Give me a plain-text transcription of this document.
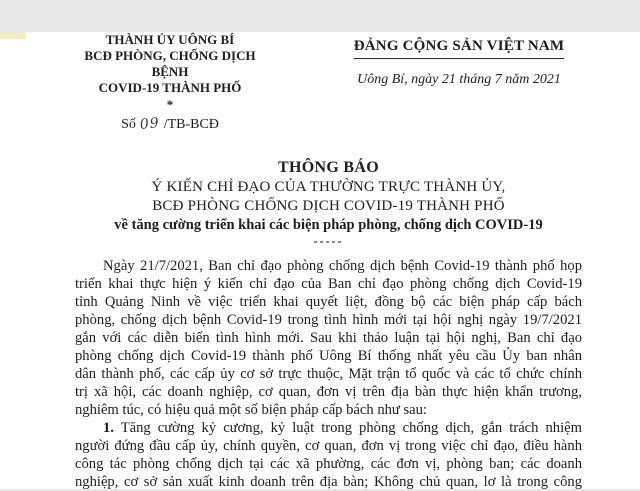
THÀNH ỦY UÔNG BÍ
BCĐ PHÒNG, CHỐNG DỊCH BỆNH
COVID-19 THÀNH PHỐ
*
Số 09 /TB-BCĐ
ĐẢNG CỘNG SẢN VIỆT NAM
Uông Bí, ngày 21 tháng 7 năm 2021
THÔNG BÁO
Ý KIẾN CHỈ ĐẠO CỦA THƯỜNG TRỰC THÀNH ỦY,
BCĐ PHÒNG CHỐNG DỊCH COVID-19 THÀNH PHỐ
về tăng cường triển khai các biện pháp phòng, chống dịch COVID-19
-----
Ngày 21/7/2021, Ban chỉ đạo phòng chống dịch bệnh Covid-19 thành phố họp
triển khai thực hiện ý kiến chỉ đạo của Ban chỉ đạo phòng chống dịch Covid-19
tỉnh Quảng Ninh về việc triển khai quyết liệt, đồng bộ các biện pháp cấp bách
phòng, chống dịch bệnh Covid-19 trong tình hình mới tại hội nghị ngày 19/7/2021
gắn với các diễn biến tình hình mới. Sau khi thảo luận tại hội nghị, Ban chỉ đạo
phòng chống dịch Covid-19 thành phố Uông Bí thống nhất yêu cầu Ủy ban nhân
dân thành phố, các cấp ủy cơ sở trực thuộc, Mặt trận tổ quốc và các tổ chức chính
trị xã hội, các doanh nghiệp, cơ quan, đơn vị trên địa bàn thực hiện khẩn trương,
nghiêm túc, có hiệu quả một số biện pháp cấp bách như sau:
1. Tăng cường kỷ cương, kỷ luật trong phòng chống dịch, gắn trách nhiệm
người đứng đầu cấp ủy, chính quyền, cơ quan, đơn vị trong việc chỉ đạo, điều hành
công tác phòng chống dịch tại các xã phường, các đơn vị, phòng ban; các doanh
nghiệp, cơ sở sản xuất kinh doanh trên địa bàn; Không chủ quan, lơ là trong công
